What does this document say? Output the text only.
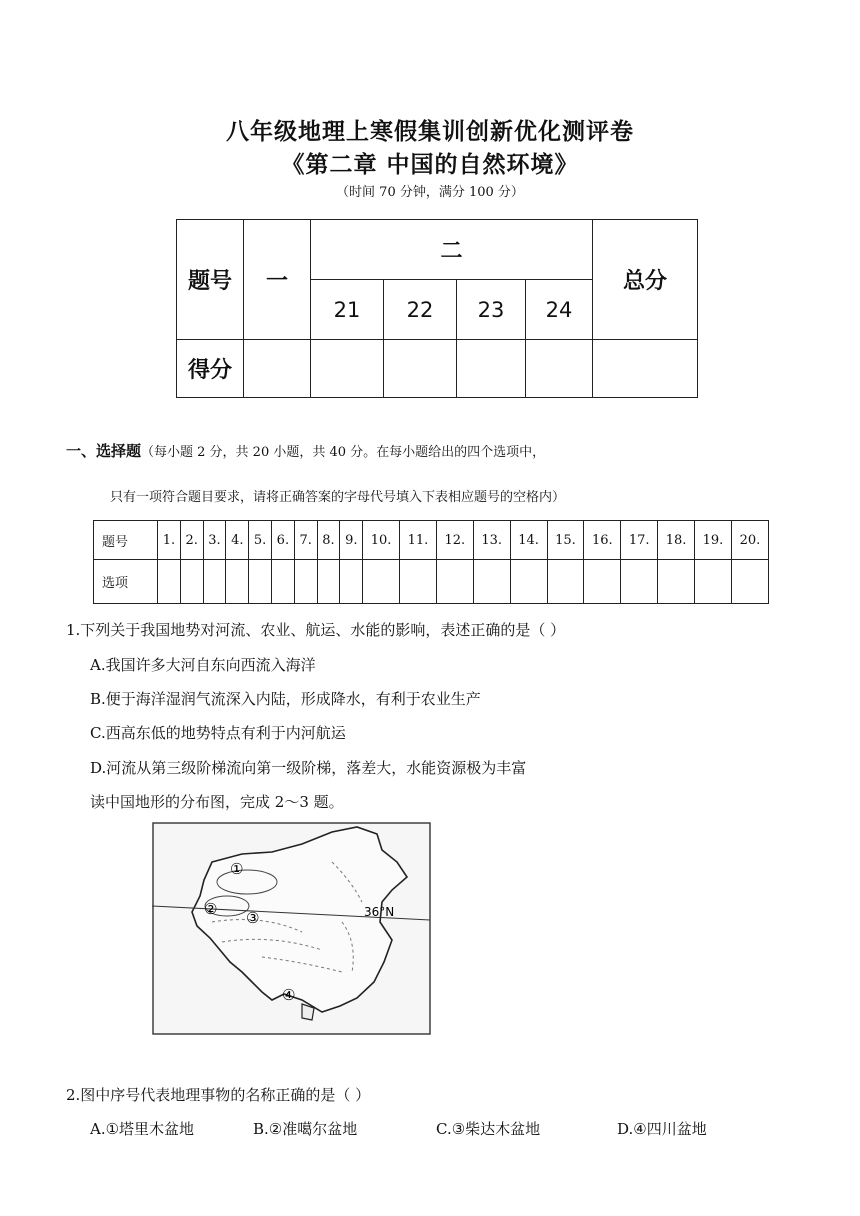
八年级地理上寒假集训创新优化测评卷
《第二章 中国的自然环境》
（时间 70 分钟，满分 100 分）
题号	一	二				总分
		21	22	23	24	
得分						
一、选择题（每小题 2 分，共 20 小题，共 40 分。在每小题给出的四个选项中，
只有一项符合题目要求，请将正确答案的字母代号填入下表相应题号的空格内）
题号	1.	2.	3.	4.	5.	6.	7.	8.	9.	10.	11.	12.	13.	14.	15.	16.	17.	18.	19.	20.
选项																				
1.下列关于我国地势对河流、农业、航运、水能的影响，表述正确的是（ ）
A.我国许多大河自东向西流入海洋
B.便于海洋湿润气流深入内陆，形成降水，有利于农业生产
C.西高东低的地势特点有利于内河航运
D.河流从第三级阶梯流向第一级阶梯，落差大，水能资源极为丰富
读中国地形的分布图，完成 2～3 题。
①
② ③
④
36°N
2.图中序号代表地理事物的名称正确的是（ ）
A.①塔里木盆地	B.②准噶尔盆地	C.③柴达木盆地	D.④四川盆地
